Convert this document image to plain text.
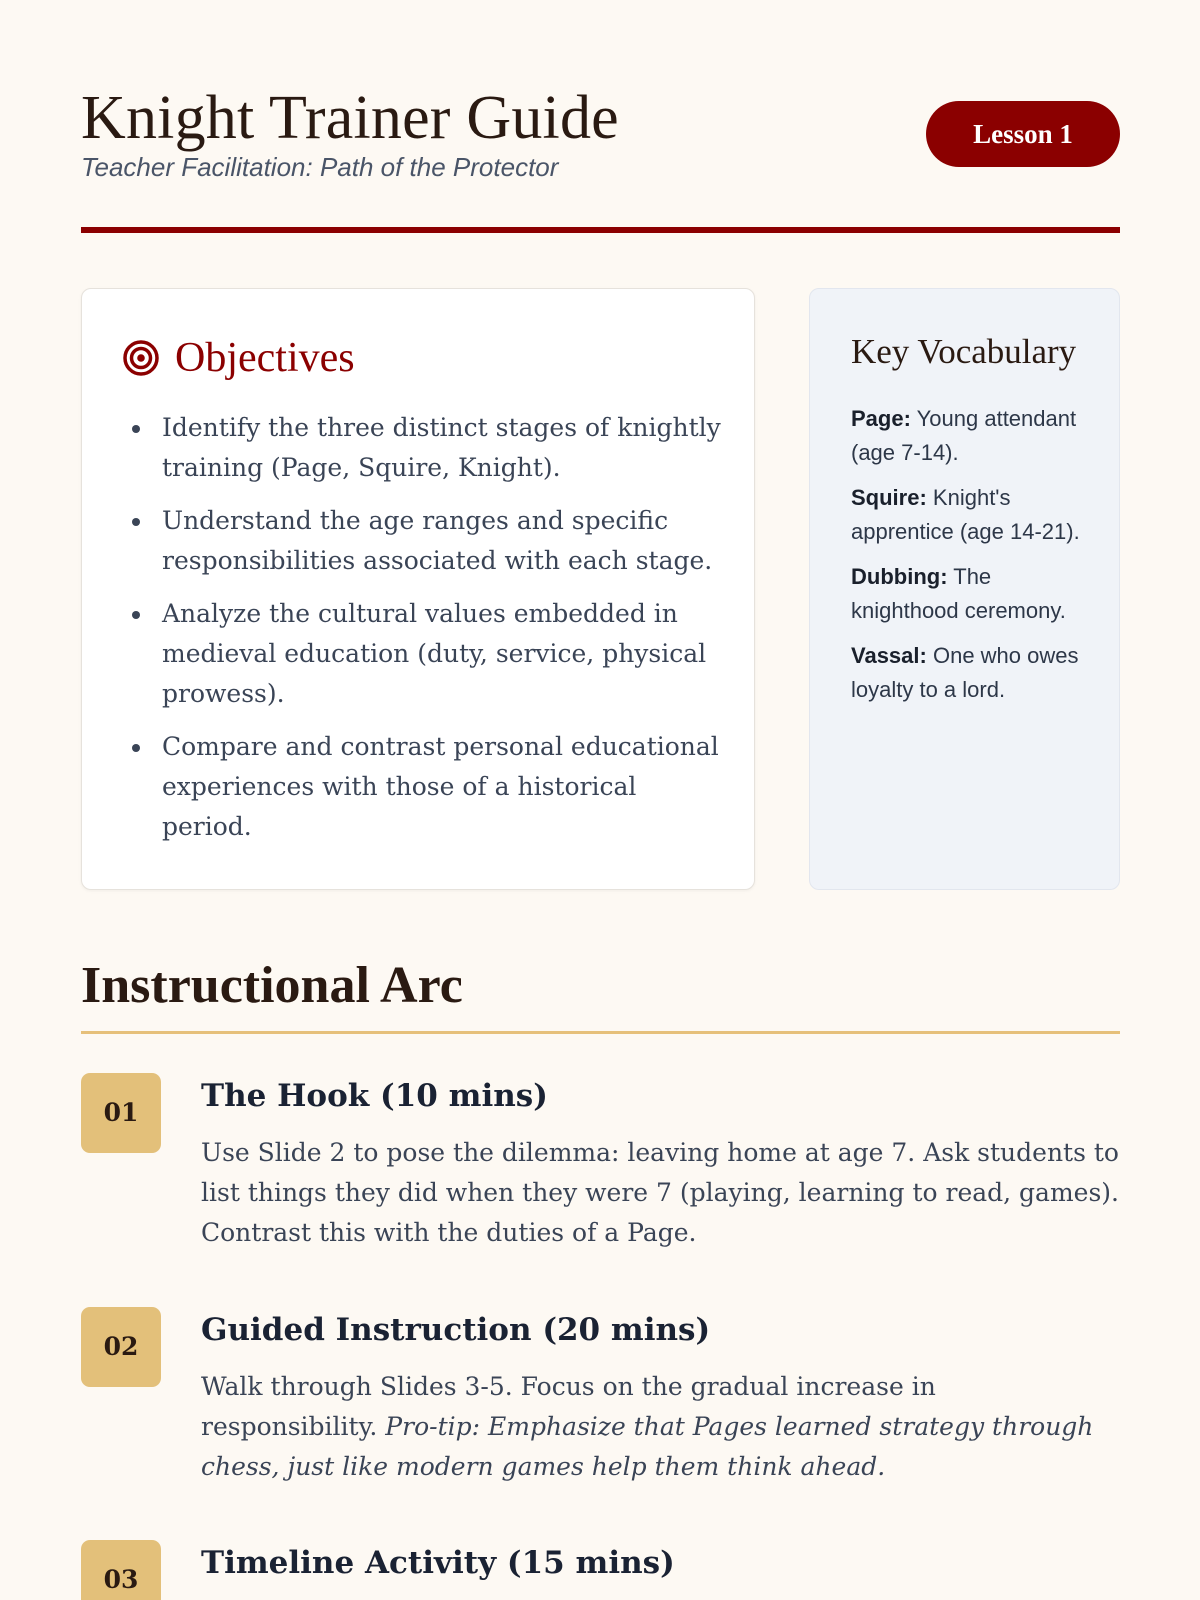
Knight Trainer Guide
Teacher Facilitation: Path of the Protector
Lesson 1
Objectives
Identify the three distinct stages of knightly training (Page, Squire, Knight).
Understand the age ranges and specific responsibilities associated with each stage.
Analyze the cultural values embedded in medieval education (duty, service, physical prowess).
Compare and contrast personal educational experiences with those of a historical period.
Key Vocabulary
Page: Young attendant (age 7-14).
Squire: Knight's apprentice (age 14-21).
Dubbing: The knighthood ceremony.
Vassal: One who owes loyalty to a lord.
Instructional Arc
01	The Hook (10 mins)
Use Slide 2 to pose the dilemma: leaving home at age 7. Ask students to list things they did when they were 7 (playing, learning to read, games). Contrast this with the duties of a Page.
02	Guided Instruction (20 mins)
Walk through Slides 3-5. Focus on the gradual increase in responsibility. Pro-tip: Emphasize that Pages learned strategy through chess, just like modern games help them think ahead.
03	Timeline Activity (15 mins)
